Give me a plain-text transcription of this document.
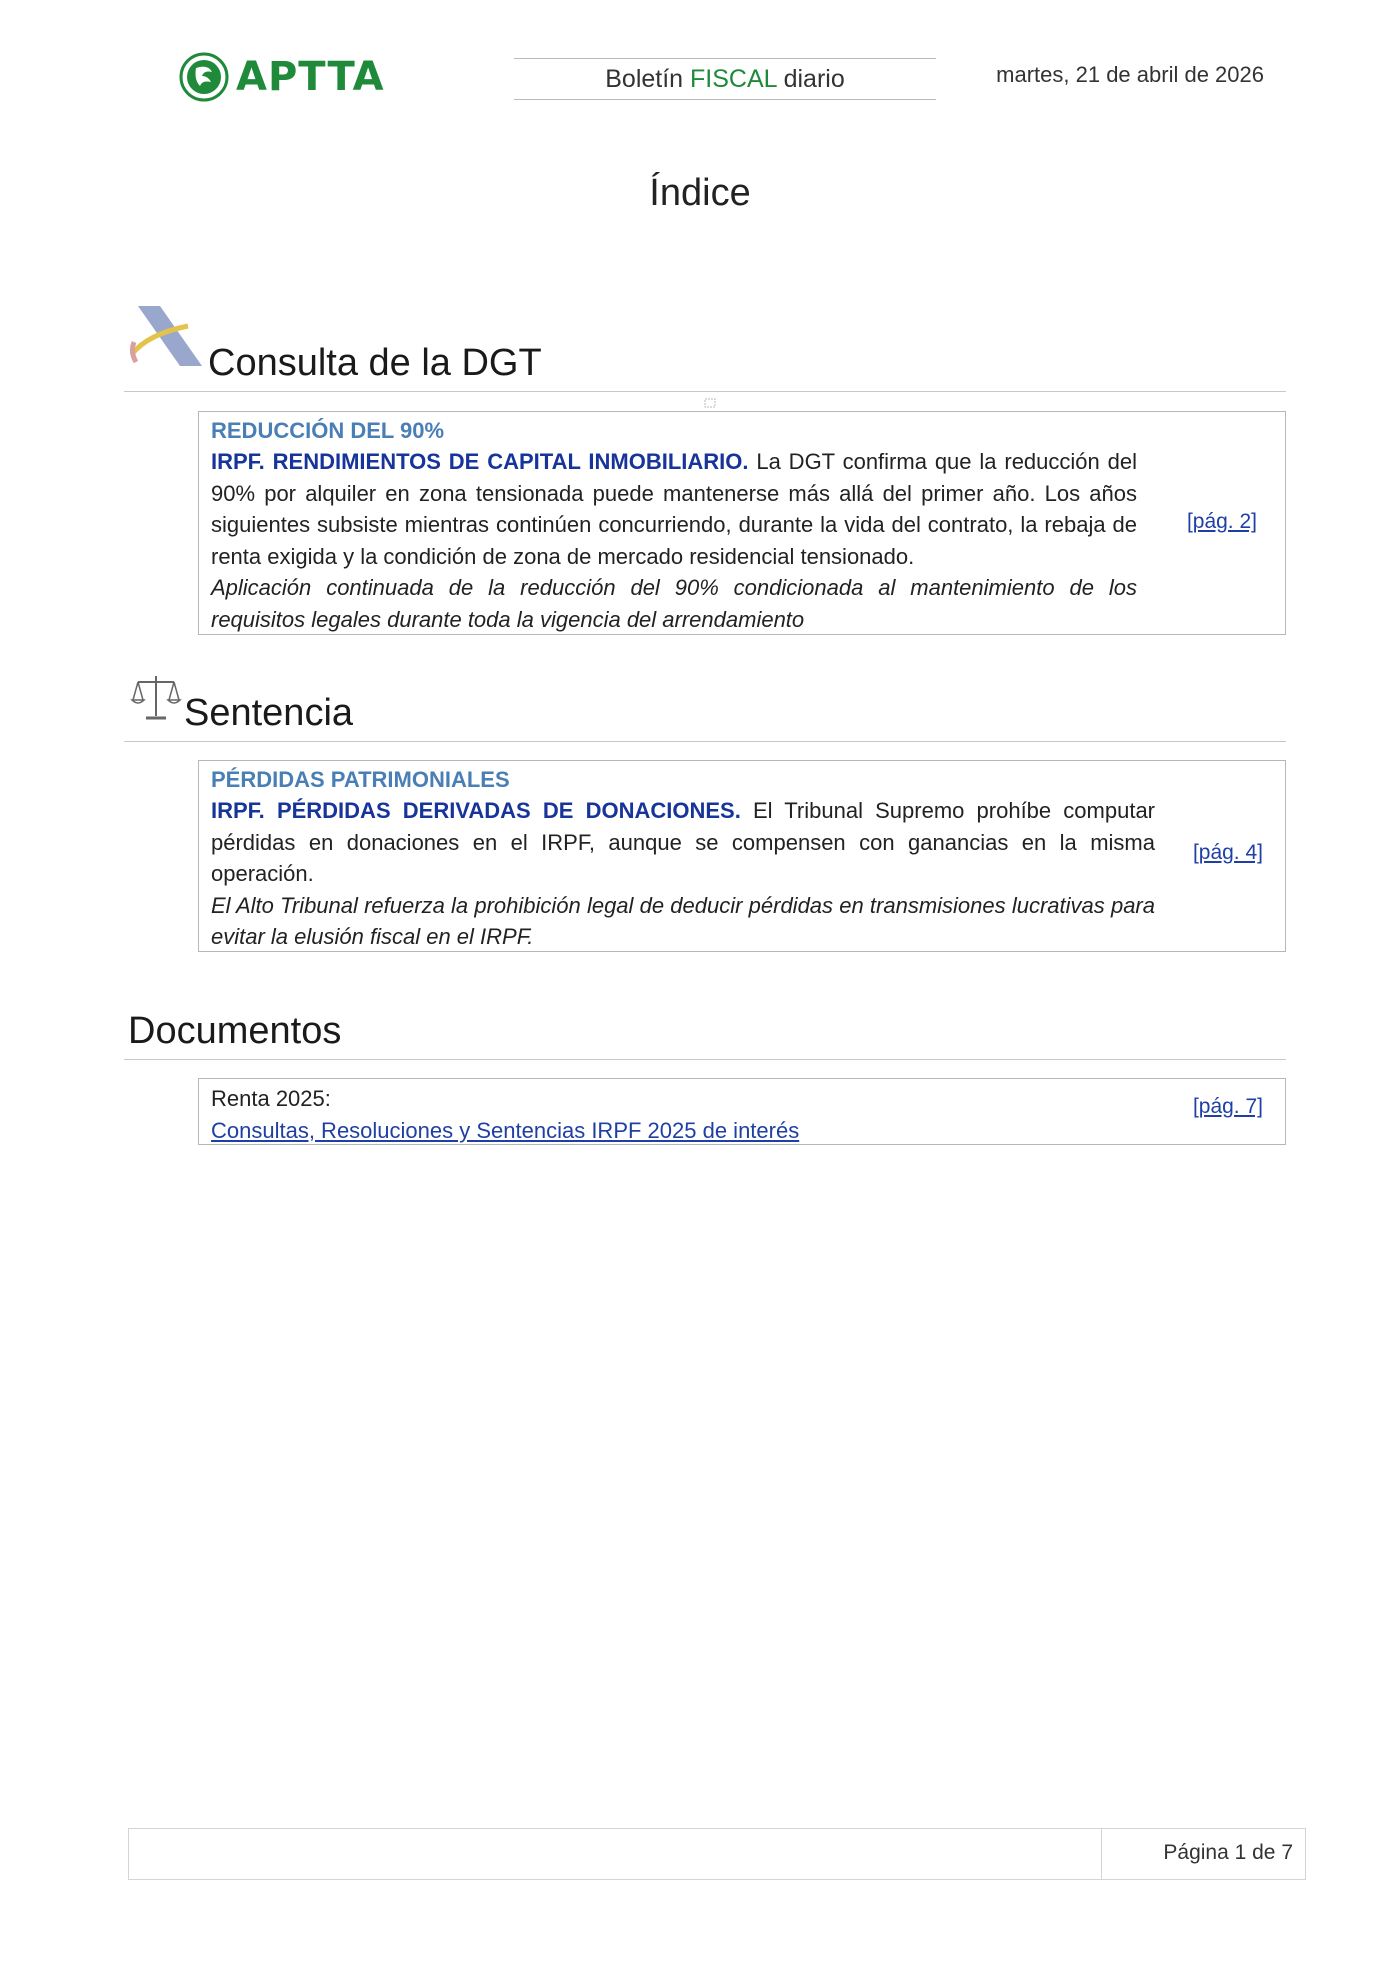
APTTA	Boletín FISCAL diario	martes, 21 de abril de 2026
Índice
Consulta de la DGT
REDUCCIÓN DEL 90%
IRPF. RENDIMIENTOS DE CAPITAL INMOBILIARIO. La DGT confirma que la reducción del 90% por alquiler en zona tensionada puede mantenerse más allá del primer año. Los años siguientes subsiste mientras continúen concurriendo, durante la vida del contrato, la rebaja de renta exigida y la condición de zona de mercado residencial tensionado.
Aplicación continuada de la reducción del 90% condicionada al mantenimiento de los requisitos legales durante toda la vigencia del arrendamiento
[pág. 2]
Sentencia
PÉRDIDAS PATRIMONIALES
IRPF. PÉRDIDAS DERIVADAS DE DONACIONES. El Tribunal Supremo prohíbe computar pérdidas en donaciones en el IRPF, aunque se compensen con ganancias en la misma operación.
El Alto Tribunal refuerza la prohibición legal de deducir pérdidas en transmisiones lucrativas para evitar la elusión fiscal en el IRPF.
[pág. 4]
Documentos
Renta 2025:
Consultas, Resoluciones y Sentencias IRPF 2025 de interés
[pág. 7]
Página 1 de 7
